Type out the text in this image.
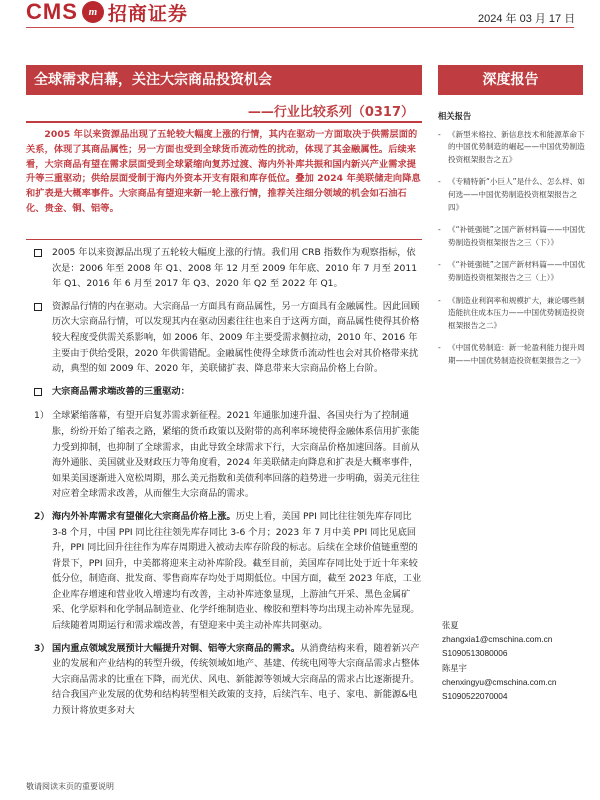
CMS m 招商证券	2024 年 03 月 17 日
全球需求启幕，关注大宗商品投资机会	深度报告
——行业比较系列（0317）
2005 年以来资源品出现了五轮较大幅度上涨的行情，其内在驱动一方面取决于供需层面的关系，体现了其商品属性；另一方面也受到全球货币流动性的扰动，体现了其金融属性。后续来看，大宗商品有望在需求层面受到全球紧缩向复苏过渡、海内外补库共振和国内新兴产业需求提升等三重驱动；供给层面受制于海内外资本开支有限和库存低位。叠加 2024 年美联储走向降息和扩表是大概率事件。大宗商品有望迎来新一轮上涨行情，推荐关注细分领域的机会如石油石化、贵金、铜、铝等。
2005 年以来资源品出现了五轮较大幅度上涨的行情。我们用 CRB 指数作为观察指标，依次是：2006 年至 2008 年 Q1、2008 年 12 月至 2009 年年底、2010 年 7 月至 2011 年 Q1、2016 年 6 月至 2017 年 Q3、2020 年 Q2 至 2022 年 Q1。
资源品行情的内在驱动。大宗商品一方面具有商品属性，另一方面具有金融属性。因此回顾历次大宗商品行情，可以发现其内在驱动因素往往也来自于这两方面，商品属性使得其价格较大程度受供需关系影响，如 2006 年、2009 年主要受需求侧拉动，2010 年、2016 年主要由于供给受限，2020 年供需错配。金融属性使得全球货币流动性也会对其价格带来扰动，典型的如 2009 年、2020 年，美联储扩表、降息带来大宗商品价格上台阶。
大宗商品需求端改善的三重驱动：
1） 全球紧缩落幕，有望开启复苏需求新征程。2021 年通胀加速升温、各国央行为了控制通胀，纷纷开始了缩表之路，紧缩的货币政策以及附带的高利率环境使得金融体系信用扩张能力受到抑制，也抑制了全球需求，由此导致全球需求下行，大宗商品价格加速回落。目前从海外通胀、美国就业及财政压力等角度看，2024 年美联储走向降息和扩表是大概率事件，如果美国逐渐进入宽松周期，那么美元指数和美债利率回落的趋势进一步明确，弱美元往往对应着全球需求改善，从而催生大宗商品的需求。
2） 海内外补库需求有望催化大宗商品价格上涨。历史上看，美国 PPI 同比往往领先库存同比 3-8 个月，中国 PPI 同比往往领先库存同比 3-6 个月；2023 年 7 月中美 PPI 同比见底回升，PPI 同比回升往往作为库存周期进入被动去库存阶段的标志。后续在全球价值链重塑的背景下，PPI 回升，中美都将迎来主动补库阶段。截至目前，美国库存同比处于近十年来较低分位，制造商、批发商、零售商库存均处于周期低位。中国方面，截至 2023 年底，工业企业库存增速和营业收入增速均有改善，主动补库迹象显现，上游油气开采、黑色金属矿采、化学原料和化学制品制造业、化学纤维制造业、橡胶和塑料等均出现主动补库先显现。后续随着周期运行和需求端改善，有望迎来中美主动补库共同驱动。
3） 国内重点领域发展预计大幅提升对铜、铝等大宗商品的需求。从消费结构来看，随着新兴产业的发展和产业结构的转型升级，传统领域如地产、基建、传统电网等大宗商品需求占整体大宗商品需求的比重在下降，而光伏、风电、新能源等领域大宗商品的需求占比逐渐提升。结合我国产业发展的优势和结构转型相关政策的支持，后续汽车、电子、家电、新能源&电力预计将放更多对大
相关报告
- 《新型米格拉、新信息技术和能源革命下的中国优势制造的崛起——中国优势制造投资框架报告之五》
- 《专精特新“小巨人”是什么、怎么样、如何选——中国优势制造投资框架报告之四》
- 《“补链强链”之国产新材料篇——中国优势制造投资框架报告之三（下）》
- 《“补链强链”之国产新材料篇——中国优势制造投资框架报告之三（上）》
- 《制造业利润率和规模扩大，兼论哪些制造能抗住成本压力——中国优势制造投资框架报告之二》
- 《中国优势制造：新一轮盈利能力提升周期——中国优势制造投资框架报告之一》
张夏
zhangxia1@cmschina.com.cn
S1090513080006
陈星宇
chenxingyu@cmschina.com.cn
S1090522070004
敬请阅读末页的重要说明
